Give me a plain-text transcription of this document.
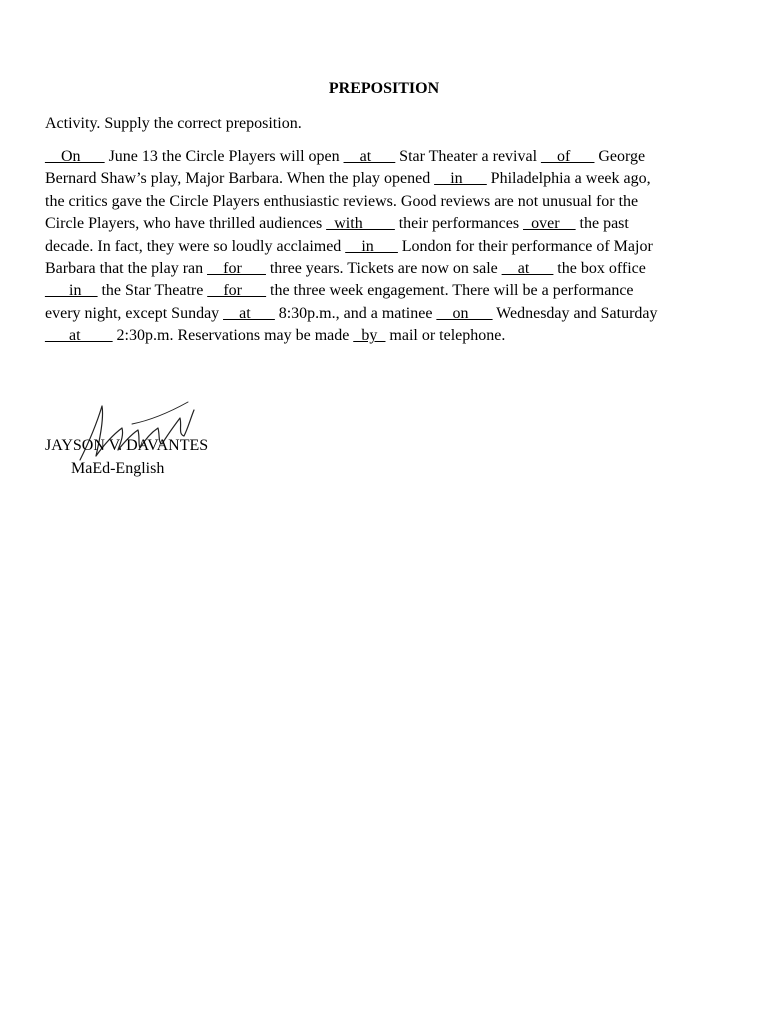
PREPOSITION
Activity. Supply the correct preposition.
__On___ June 13 the Circle Players will open __at___ Star Theater a revival __of___ George
Bernard Shaw’s play, Major Barbara. When the play opened __in___ Philadelphia a week ago,
the critics gave the Circle Players enthusiastic reviews. Good reviews are not unusual for the
Circle Players, who have thrilled audiences _with____ their performances _over__ the past
decade. In fact, they were so loudly acclaimed __in___ London for their performance of Major
Barbara that the play ran __for___ three years. Tickets are now on sale __at___ the box office
___in__ the Star Theatre __for___ the three week engagement. There will be a performance
every night, except Sunday __at___ 8:30p.m., and a matinee __on___ Wednesday and Saturday
___at____ 2:30p.m. Reservations may be made _by_ mail or telephone.
JAYSON V. DAVANTES
MaEd-English
